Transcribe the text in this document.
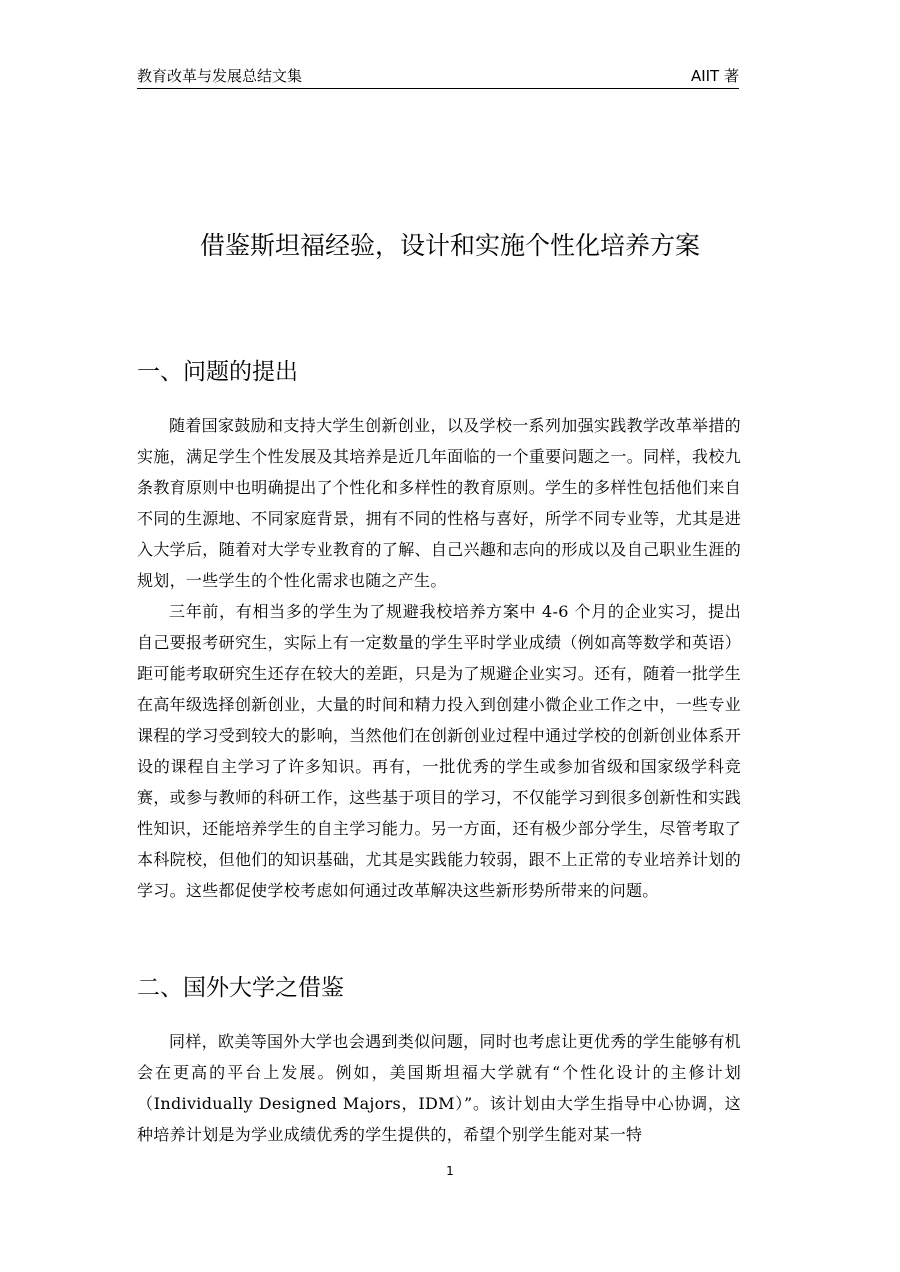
教育改革与发展总结文集	AIIT 著
借鉴斯坦福经验，设计和实施个性化培养方案
一、问题的提出

随着国家鼓励和支持大学生创新创业，以及学校一系列加强实践教学改革举措的实施，满足学生个性发展及其培养是近几年面临的一个重要问题之一。同样，我校九条教育原则中也明确提出了个性化和多样性的教育原则。学生的多样性包括他们来自不同的生源地、不同家庭背景，拥有不同的性格与喜好，所学不同专业等，尤其是进入大学后，随着对大学专业教育的了解、自己兴趣和志向的形成以及自己职业生涯的规划，一些学生的个性化需求也随之产生。

三年前，有相当多的学生为了规避我校培养方案中 4-6 个月的企业实习，提出自己要报考研究生，实际上有一定数量的学生平时学业成绩（例如高等数学和英语）距可能考取研究生还存在较大的差距，只是为了规避企业实习。还有，随着一批学生在高年级选择创新创业，大量的时间和精力投入到创建小微企业工作之中，一些专业课程的学习受到较大的影响，当然他们在创新创业过程中通过学校的创新创业体系开设的课程自主学习了许多知识。再有，一批优秀的学生或参加省级和国家级学科竞赛，或参与教师的科研工作，这些基于项目的学习，不仅能学习到很多创新性和实践性知识，还能培养学生的自主学习能力。另一方面，还有极少部分学生，尽管考取了本科院校，但他们的知识基础，尤其是实践能力较弱，跟不上正常的专业培养计划的学习。这些都促使学校考虑如何通过改革解决这些新形势所带来的问题。

二、国外大学之借鉴

同样，欧美等国外大学也会遇到类似问题，同时也考虑让更优秀的学生能够有机会在更高的平台上发展。例如，美国斯坦福大学就有“个性化设计的主修计划（Individually Designed Majors，IDM）”。该计划由大学生指导中心协调，这种培养计划是为学业成绩优秀的学生提供的，希望个别学生能对某一特

1
